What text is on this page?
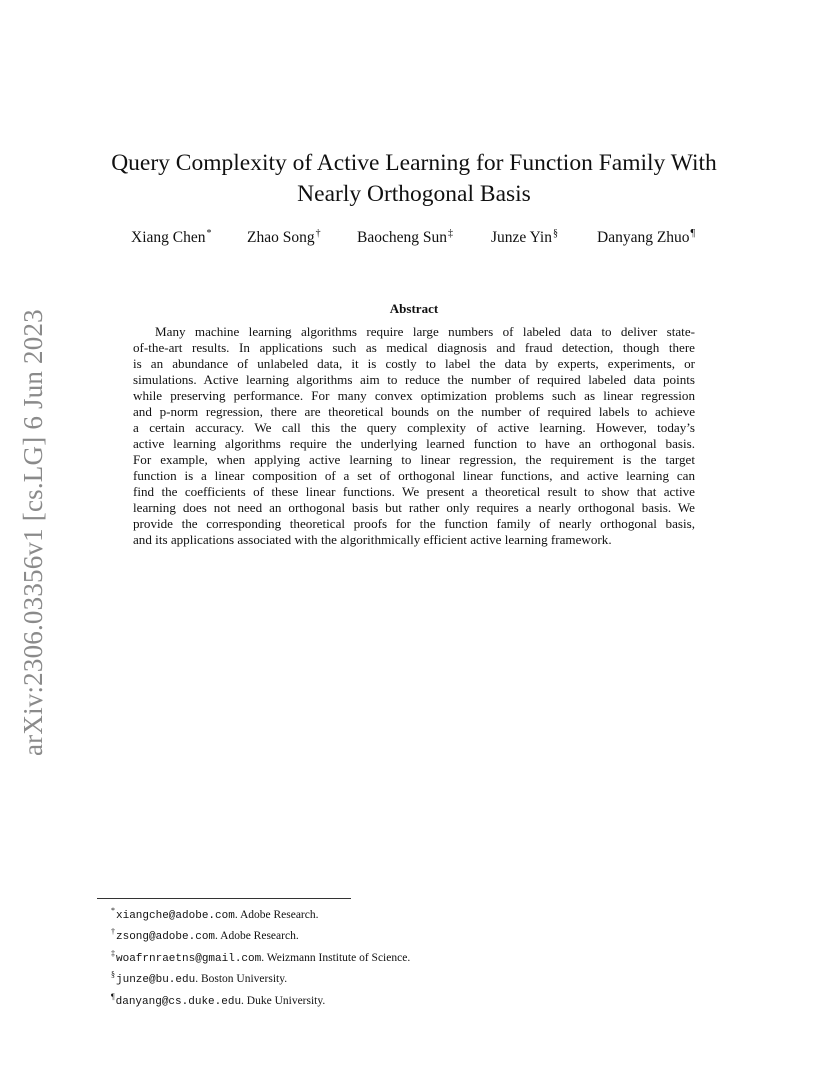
arXiv:2306.03356v1 [cs.LG] 6 Jun 2023
Query Complexity of Active Learning for Function Family With Nearly Orthogonal Basis
Xiang Chen* Zhao Song† Baocheng Sun‡ Junze Yin§	Danyang Zhuo¶
Abstract
Many machine learning algorithms require large numbers of labeled data to deliver state-
of-the-art results. In applications such as medical diagnosis and fraud detection, though there
is an abundance of unlabeled data, it is costly to label the data by experts, experiments, or
simulations. Active learning algorithms aim to reduce the number of required labeled data points
while preserving performance. For many convex optimization problems such as linear regression
and p-norm regression, there are theoretical bounds on the number of required labels to achieve
a certain accuracy. We call this the query complexity of active learning. However, today’s
active learning algorithms require the underlying learned function to have an orthogonal basis.
For example, when applying active learning to linear regression, the requirement is the target
function is a linear composition of a set of orthogonal linear functions, and active learning can
find the coefficients of these linear functions. We present a theoretical result to show that active
learning does not need an orthogonal basis but rather only requires a nearly orthogonal basis. We
provide the corresponding theoretical proofs for the function family of nearly orthogonal basis,
and its applications associated with the algorithmically efficient active learning framework.
*xiangche@adobe.com. Adobe Research.
†zsong@adobe.com. Adobe Research.
‡woafrnraetns@gmail.com. Weizmann Institute of Science.
§junze@bu.edu. Boston University.
¶danyang@cs.duke.edu. Duke University.
